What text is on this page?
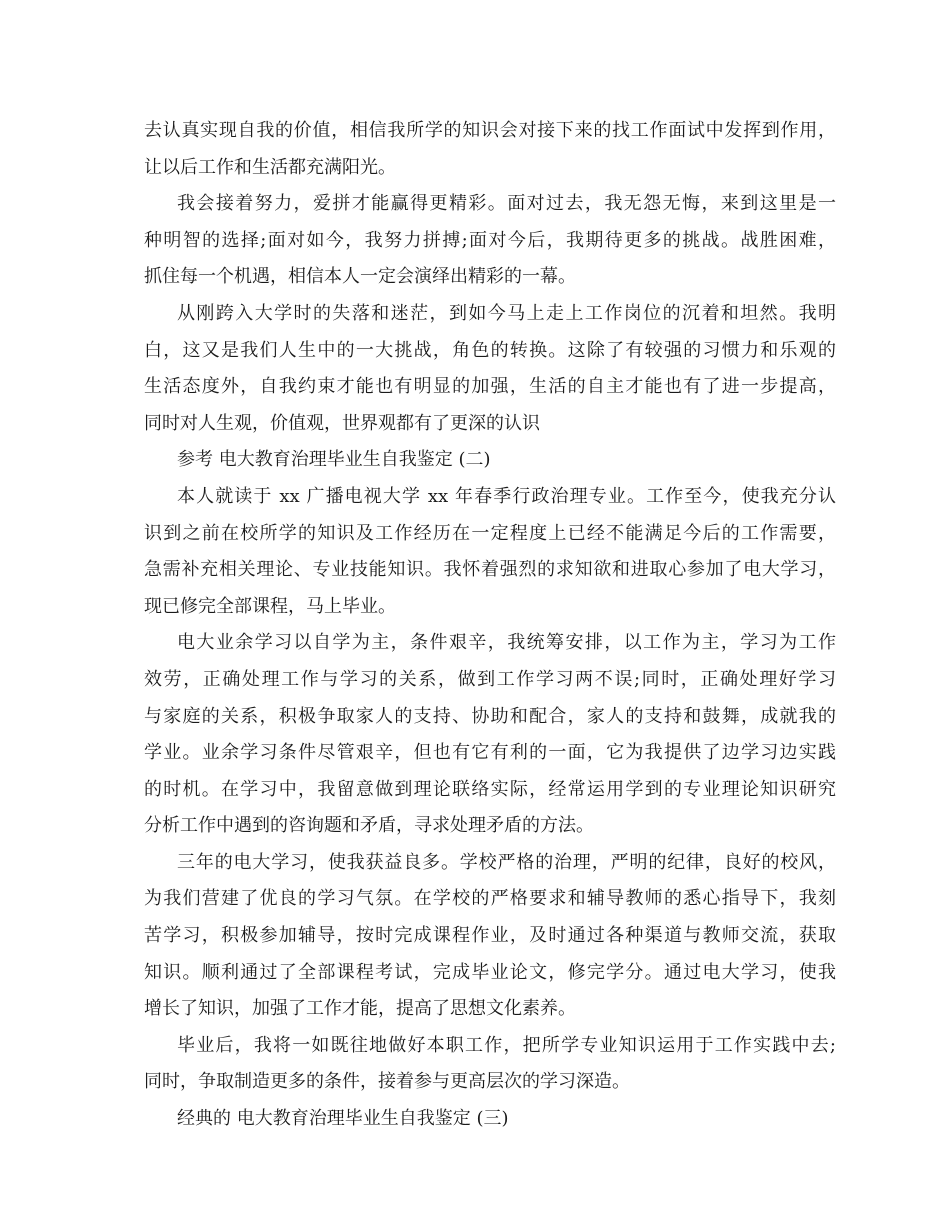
去认真实现自我的价值，相信我所学的知识会对接下来的找工作面试中发挥到作用，
让以后工作和生活都充满阳光。
我会接着努力，爱拼才能赢得更精彩。面对过去，我无怨无悔，来到这里是一
种明智的选择;面对如今，我努力拼搏;面对今后，我期待更多的挑战。战胜困难，
抓住每一个机遇，相信本人一定会演绎出精彩的一幕。
从刚跨入大学时的失落和迷茫，到如今马上走上工作岗位的沉着和坦然。我明
白，这又是我们人生中的一大挑战，角色的转换。这除了有较强的习惯力和乐观的
生活态度外，自我约束才能也有明显的加强，生活的自主才能也有了进一步提高，
同时对人生观，价值观，世界观都有了更深的认识
参考 电大教育治理毕业生自我鉴定 (二)
本人就读于 xx 广播电视大学 xx 年春季行政治理专业。工作至今，使我充分认
识到之前在校所学的知识及工作经历在一定程度上已经不能满足今后的工作需要，
急需补充相关理论、专业技能知识。我怀着强烈的求知欲和进取心参加了电大学习，
现已修完全部课程，马上毕业。
电大业余学习以自学为主，条件艰辛，我统筹安排，以工作为主，学习为工作
效劳，正确处理工作与学习的关系，做到工作学习两不误;同时，正确处理好学习
与家庭的关系，积极争取家人的支持、协助和配合，家人的支持和鼓舞，成就我的
学业。业余学习条件尽管艰辛，但也有它有利的一面，它为我提供了边学习边实践
的时机。在学习中，我留意做到理论联络实际，经常运用学到的专业理论知识研究
分析工作中遇到的咨询题和矛盾，寻求处理矛盾的方法。
三年的电大学习，使我获益良多。学校严格的治理，严明的纪律，良好的校风，
为我们营建了优良的学习气氛。在学校的严格要求和辅导教师的悉心指导下，我刻
苦学习，积极参加辅导，按时完成课程作业，及时通过各种渠道与教师交流，获取
知识。顺利通过了全部课程考试，完成毕业论文，修完学分。通过电大学习，使我
增长了知识，加强了工作才能，提高了思想文化素养。
毕业后，我将一如既往地做好本职工作，把所学专业知识运用于工作实践中去;
同时，争取制造更多的条件，接着参与更高层次的学习深造。
经典的 电大教育治理毕业生自我鉴定 (三)
